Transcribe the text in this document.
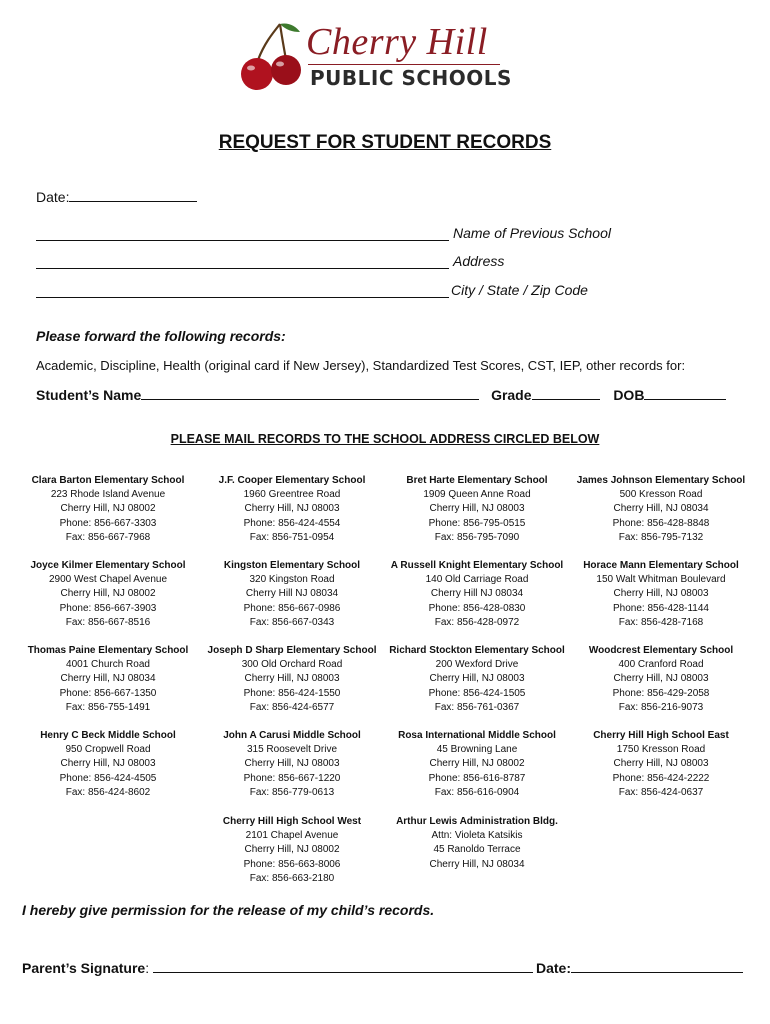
Cherry Hill
PUBLIC SCHOOLS
REQUEST FOR STUDENT RECORDS
Date:
Name of Previous School
Address
City / State / Zip Code
Please forward the following records:
Academic, Discipline, Health (original card if New Jersey), Standardized Test Scores, CST, IEP, other records for:
Student’s Name	Grade	DOB
PLEASE MAIL RECORDS TO THE SCHOOL ADDRESS CIRCLED BELOW
Clara Barton Elementary School
223 Rhode Island Avenue
Cherry Hill, NJ 08002
Phone: 856-667-3303
Fax: 856-667-7968
J.F. Cooper Elementary School
1960 Greentree Road
Cherry Hill, NJ 08003
Phone: 856-424-4554
Fax: 856-751-0954
Bret Harte Elementary School
1909 Queen Anne Road
Cherry Hill, NJ 08003
Phone: 856-795-0515
Fax: 856-795-7090
James Johnson Elementary School
500 Kresson Road
Cherry Hill, NJ 08034
Phone: 856-428-8848
Fax: 856-795-7132
Joyce Kilmer Elementary School
2900 West Chapel Avenue
Cherry Hill, NJ 08002
Phone: 856-667-3903
Fax: 856-667-8516
Kingston Elementary School
320 Kingston Road
Cherry Hill NJ 08034
Phone: 856-667-0986
Fax: 856-667-0343
A Russell Knight Elementary School
140 Old Carriage Road
Cherry Hill NJ 08034
Phone: 856-428-0830
Fax: 856-428-0972
Horace Mann Elementary School
150 Walt Whitman Boulevard
Cherry Hill, NJ 08003
Phone: 856-428-1144
Fax: 856-428-7168
Thomas Paine Elementary School
4001 Church Road
Cherry Hill, NJ 08034
Phone: 856-667-1350
Fax: 856-755-1491
Joseph D Sharp Elementary School
300 Old Orchard Road
Cherry Hill, NJ 08003
Phone: 856-424-1550
Fax: 856-424-6577
Richard Stockton Elementary School
200 Wexford Drive
Cherry Hill, NJ 08003
Phone: 856-424-1505
Fax: 856-761-0367
Woodcrest Elementary School
400 Cranford Road
Cherry Hill, NJ 08003
Phone: 856-429-2058
Fax: 856-216-9073
Henry C Beck Middle School
950 Cropwell Road
Cherry Hill, NJ 08003
Phone: 856-424-4505
Fax: 856-424-8602
John A Carusi Middle School
315 Roosevelt Drive
Cherry Hill, NJ 08003
Phone: 856-667-1220
Fax: 856-779-0613
Rosa International Middle School
45 Browning Lane
Cherry Hill, NJ 08002
Phone: 856-616-8787
Fax: 856-616-0904
Cherry Hill High School East
1750 Kresson Road
Cherry Hill, NJ 08003
Phone: 856-424-2222
Fax: 856-424-0637
Cherry Hill High School West
2101 Chapel Avenue
Cherry Hill, NJ 08002
Phone: 856-663-8006
Fax: 856-663-2180
Arthur Lewis Administration Bldg.
Attn: Violeta Katsikis
45 Ranoldo Terrace
Cherry Hill, NJ 08034
I hereby give permission for the release of my child’s records.
Parent’s Signature:	Date:
